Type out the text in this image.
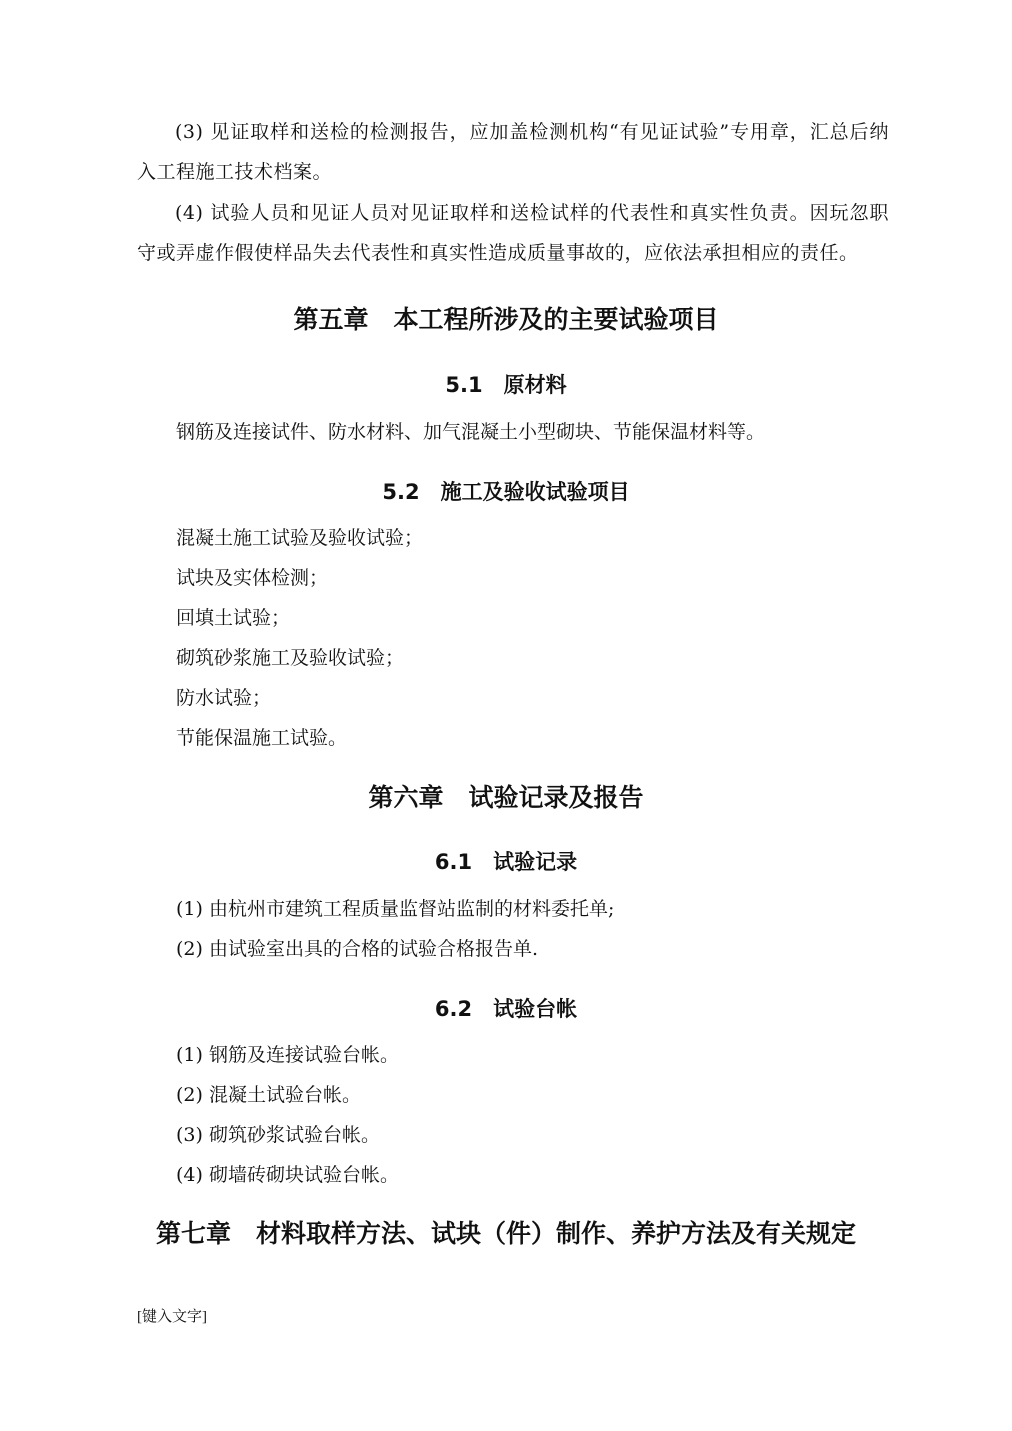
(3) 见证取样和送检的检测报告，应加盖检测机构“有见证试验”专用章，汇总后纳入工程施工技术档案。

(4) 试验人员和见证人员对见证取样和送检试样的代表性和真实性负责。因玩忽职守或弄虚作假使样品失去代表性和真实性造成质量事故的，应依法承担相应的责任。

第五章　本工程所涉及的主要试验项目
5.1　原材料

钢筋及连接试件、防水材料、加气混凝土小型砌块、节能保温材料等。

5.2　施工及验收试验项目

混凝土施工试验及验收试验；

试块及实体检测；

回填土试验；

砌筑砂浆施工及验收试验；

防水试验；

节能保温施工试验。

第六章　试验记录及报告
6.1　试验记录

(1) 由杭州市建筑工程质量监督站监制的材料委托单;

(2) 由试验室出具的合格的试验合格报告单.

6.2　试验台帐

(1) 钢筋及连接试验台帐。

(2) 混凝土试验台帐。

(3) 砌筑砂浆试验台帐。

(4) 砌墙砖砌块试验台帐。

第七章　材料取样方法、试块（件）制作、养护方法及有关规定

[键入文字]
